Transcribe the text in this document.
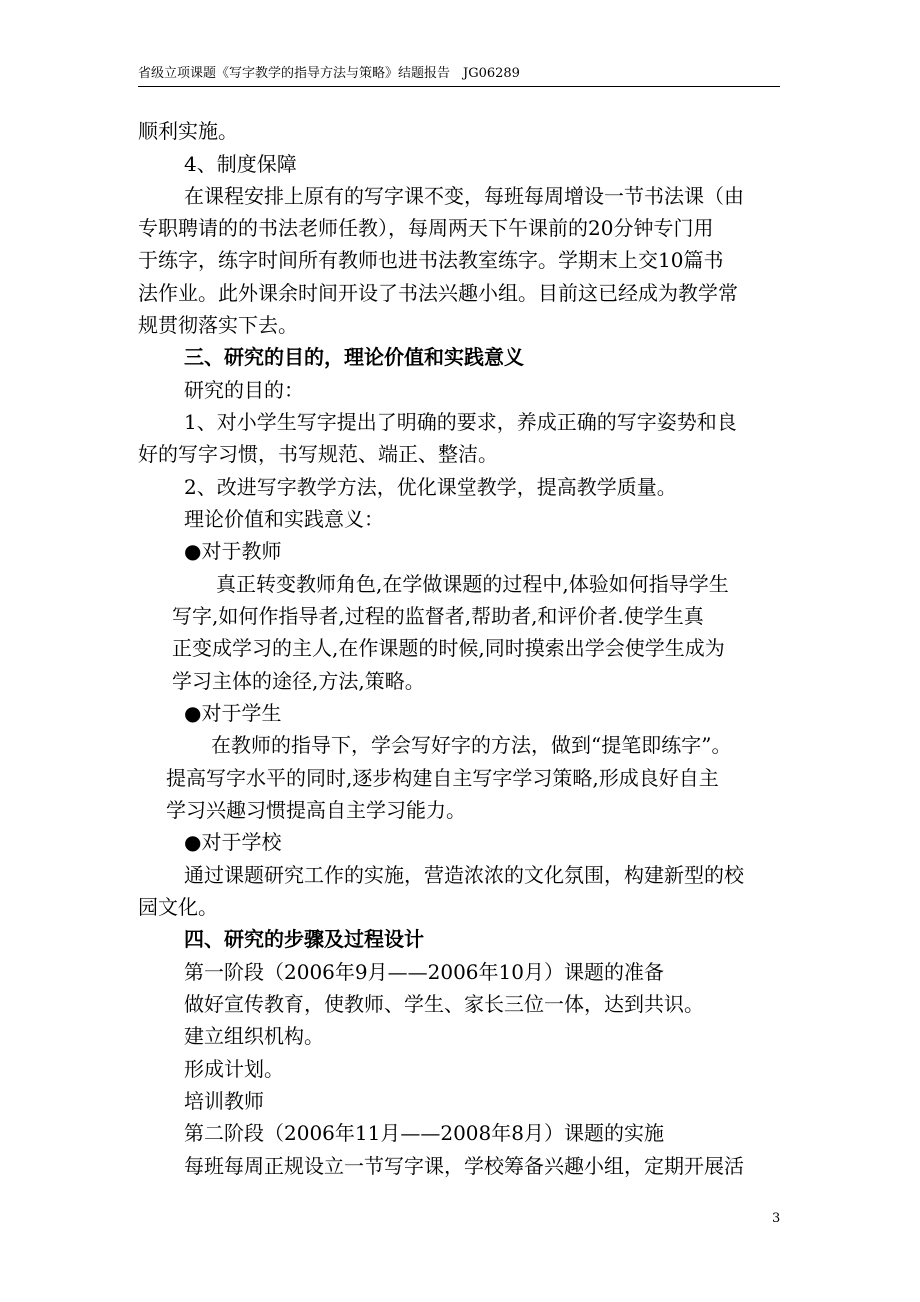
省级立项课题《写字教学的指导方法与策略》结题报告　JG06289
顺利实施。
4、制度保障
在课程安排上原有的写字课不变，每班每周增设一节书法课（由
专职聘请的的书法老师任教），每周两天下午课前的20分钟专门用
于练字，练字时间所有教师也进书法教室练字。学期末上交10篇书
法作业。此外课余时间开设了书法兴趣小组。目前这已经成为教学常
规贯彻落实下去。
三、研究的目的，理论价值和实践意义
研究的目的：
1、对小学生写字提出了明确的要求，养成正确的写字姿势和良
好的写字习惯，书写规范、端正、整洁。
2、改进写字教学方法，优化课堂教学，提高教学质量。
理论价值和实践意义：
●对于教师
真正转变教师角色,在学做课题的过程中,体验如何指导学生
写字,如何作指导者,过程的监督者,帮助者,和评价者.使学生真
正变成学习的主人,在作课题的时候,同时摸索出学会使学生成为
学习主体的途径,方法,策略。
●对于学生
在教师的指导下，学会写好字的方法，做到“提笔即练字”。
提高写字水平的同时,逐步构建自主写字学习策略,形成良好自主
学习兴趣习惯提高自主学习能力。
●对于学校
通过课题研究工作的实施，营造浓浓的文化氛围，构建新型的校
园文化。
四、研究的步骤及过程设计
第一阶段（2006年9月——2006年10月）课题的准备
做好宣传教育，使教师、学生、家长三位一体，达到共识。
建立组织机构。
形成计划。
培训教师
第二阶段（2006年11月——2008年8月）课题的实施
每班每周正规设立一节写字课，学校筹备兴趣小组，定期开展活
3
